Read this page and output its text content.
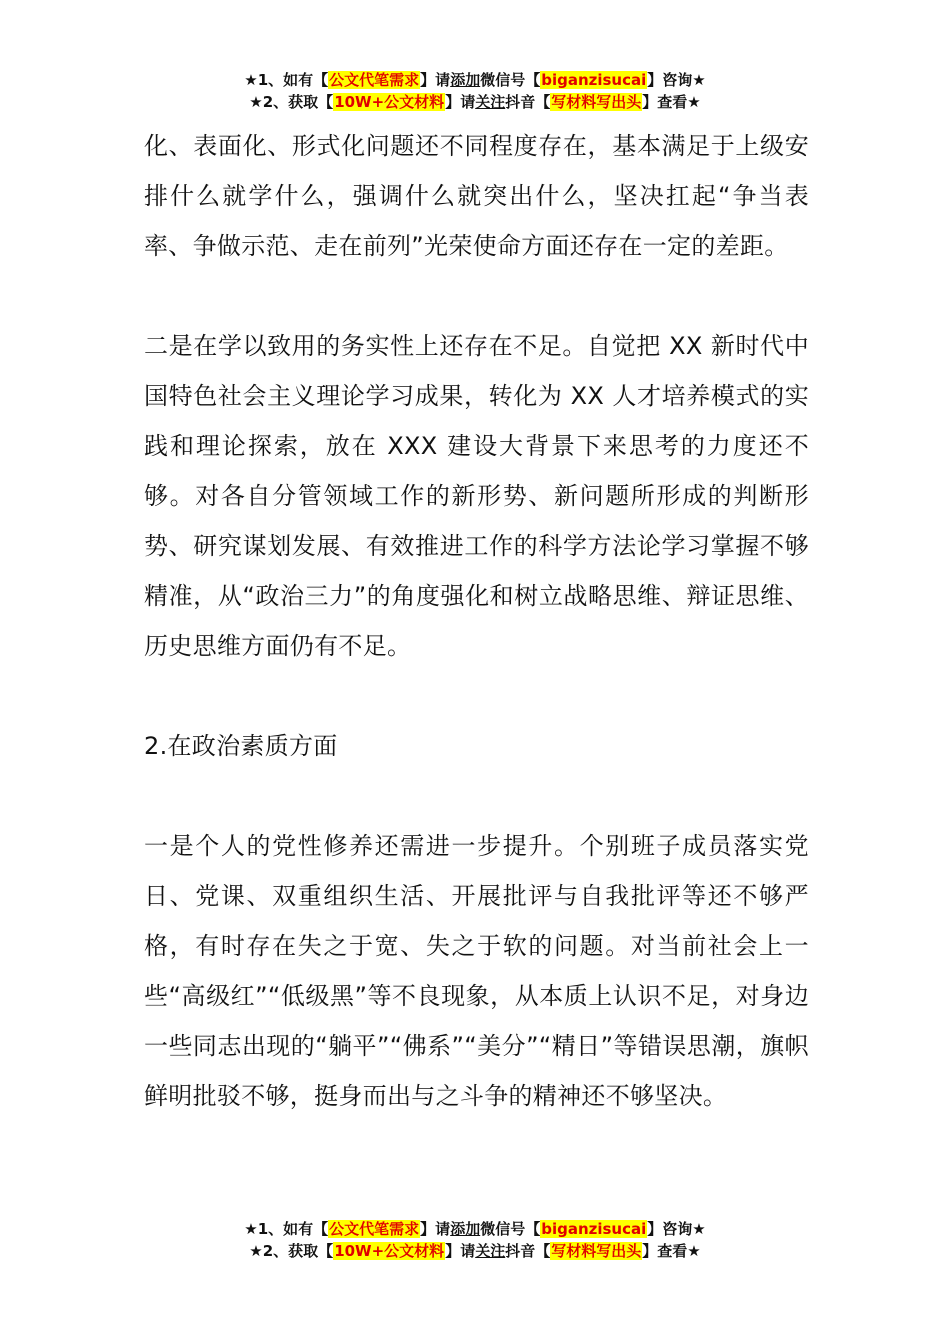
★1、如有【公文代笔需求】请添加微信号【biganzisucai】咨询★
★2、获取【10W+公文材料】请关注抖音【写材料写出头】查看★

化、表面化、形式化问题还不同程度存在，基本满足于上级安排什么就学什么，强调什么就突出什么，坚决扛起“争当表率、争做示范、走在前列”光荣使命方面还存在一定的差距。

二是在学以致用的务实性上还存在不足。自觉把 XX 新时代中国特色社会主义理论学习成果，转化为 XX 人才培养模式的实践和理论探索，放在 XXX 建设大背景下来思考的力度还不够。对各自分管领域工作的新形势、新问题所形成的判断形势、研究谋划发展、有效推进工作的科学方法论学习掌握不够精准，从“政治三力”的角度强化和树立战略思维、辩证思维、历史思维方面仍有不足。

2.在政治素质方面

一是个人的党性修养还需进一步提升。个别班子成员落实党日、党课、双重组织生活、开展批评与自我批评等还不够严格，有时存在失之于宽、失之于软的问题。对当前社会上一些“高级红”“低级黑”等不良现象，从本质上认识不足，对身边一些同志出现的“躺平”“佛系”“美分”“精日”等错误思潮，旗帜鲜明批驳不够，挺身而出与之斗争的精神还不够坚决。

★1、如有【公文代笔需求】请添加微信号【biganzisucai】咨询★
★2、获取【10W+公文材料】请关注抖音【写材料写出头】查看★
